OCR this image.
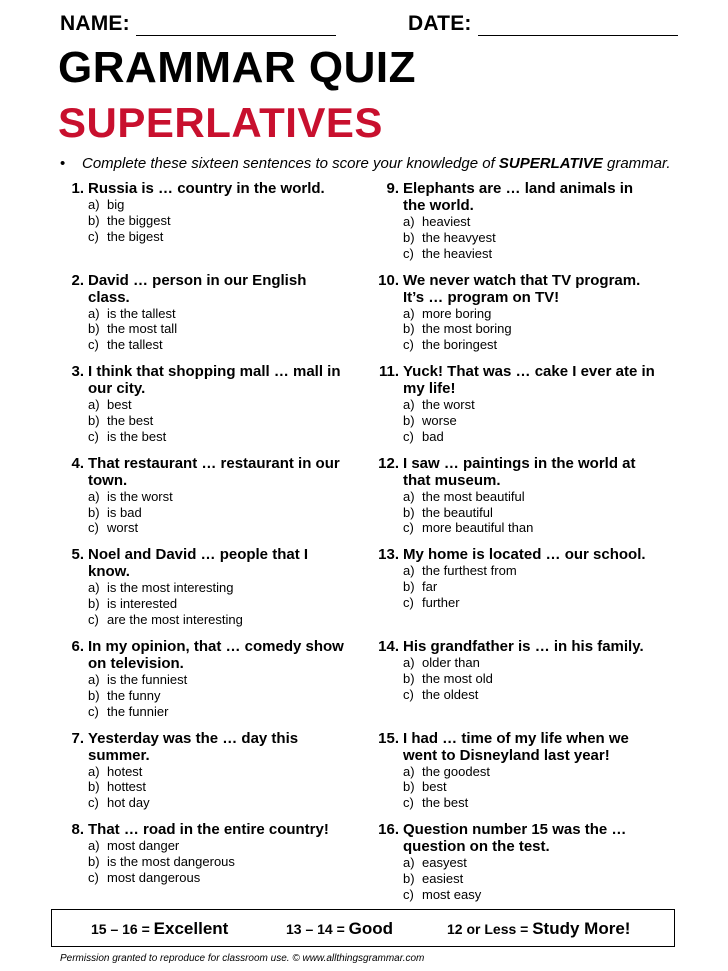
NAME:	DATE:
GRAMMAR QUIZ
SUPERLATIVES
• Complete these sixteen sentences to score your knowledge of SUPERLATIVE grammar.
1. Russia is … country in the world.
a) big
b) the biggest
c) the bigest
2. David … person in our English class.
a) is the tallest
b) the most tall
c) the tallest
3. I think that shopping mall … mall in our city.
a) best
b) the best
c) is the best
4. That restaurant … restaurant in our town.
a) is the worst
b) is bad
c) worst
5. Noel and David … people that I know.
a) is the most interesting
b) is interested
c) are the most interesting
6. In my opinion, that … comedy show on television.
a) is the funniest
b) the funny
c) the funnier
7. Yesterday was the … day this summer.
a) hotest
b) hottest
c) hot day
8. That … road in the entire country!
a) most danger
b) is the most dangerous
c) most dangerous
9. Elephants are … land animals in the world.
a) heaviest
b) the heavyest
c) the heaviest
10. We never watch that TV program. It’s … program on TV!
a) more boring
b) the most boring
c) the boringest
11. Yuck! That was … cake I ever ate in my life!
a) the worst
b) worse
c) bad
12. I saw … paintings in the world at that museum.
a) the most beautiful
b) the beautiful
c) more beautiful than
13. My home is located … our school.
a) the furthest from
b) far
c) further
14. His grandfather is … in his family.
a) older than
b) the most old
c) the oldest
15. I had … time of my life when we went to Disneyland last year!
a) the goodest
b) best
c) the best
16. Question number 15 was the … question on the test.
a) easyest
b) easiest
c) most easy
15 – 16 = Excellent	13 – 14 = Good	12 or Less = Study More!
Permission granted to reproduce for classroom use. © www.allthingsgrammar.com
